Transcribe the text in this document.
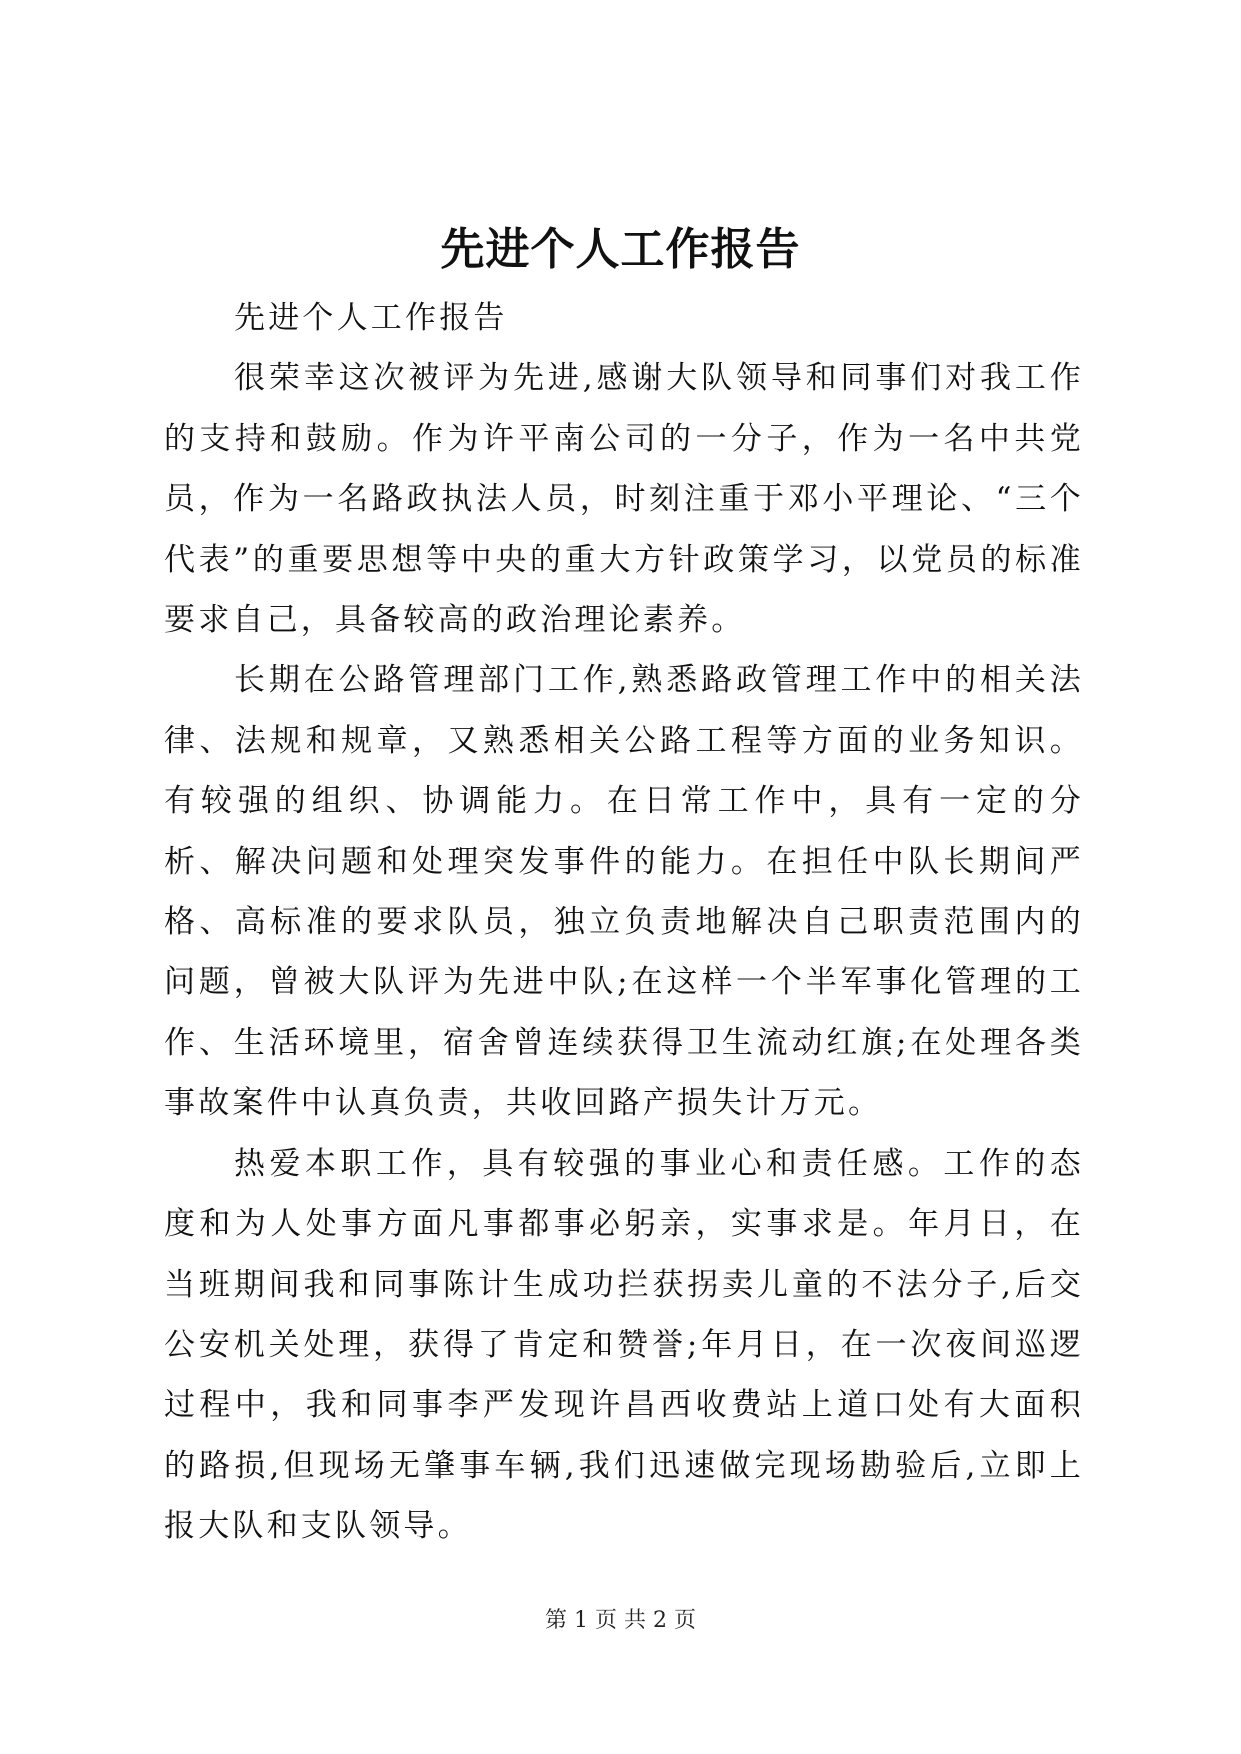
先进个人工作报告

先进个人工作报告

很荣幸这次被评为先进,感谢大队领导和同事们对我工作的支持和鼓励。作为许平南公司的一分子，作为一名中共党员，作为一名路政执法人员，时刻注重于邓小平理论、“三个代表”的重要思想等中央的重大方针政策学习，以党员的标准要求自己，具备较高的政治理论素养。

长期在公路管理部门工作,熟悉路政管理工作中的相关法律、法规和规章，又熟悉相关公路工程等方面的业务知识。有较强的组织、协调能力。在日常工作中，具有一定的分析、解决问题和处理突发事件的能力。在担任中队长期间严格、高标准的要求队员，独立负责地解决自己职责范围内的问题，曾被大队评为先进中队;在这样一个半军事化管理的工作、生活环境里，宿舍曾连续获得卫生流动红旗;在处理各类事故案件中认真负责，共收回路产损失计万元。

热爱本职工作，具有较强的事业心和责任感。工作的态度和为人处事方面凡事都事必躬亲，实事求是。年月日，在当班期间我和同事陈计生成功拦获拐卖儿童的不法分子,后交公安机关处理，获得了肯定和赞誉;年月日，在一次夜间巡逻过程中，我和同事李严发现许昌西收费站上道口处有大面积的路损,但现场无肇事车辆,我们迅速做完现场勘验后,立即上报大队和支队领导。

第 1 页 共 2 页
